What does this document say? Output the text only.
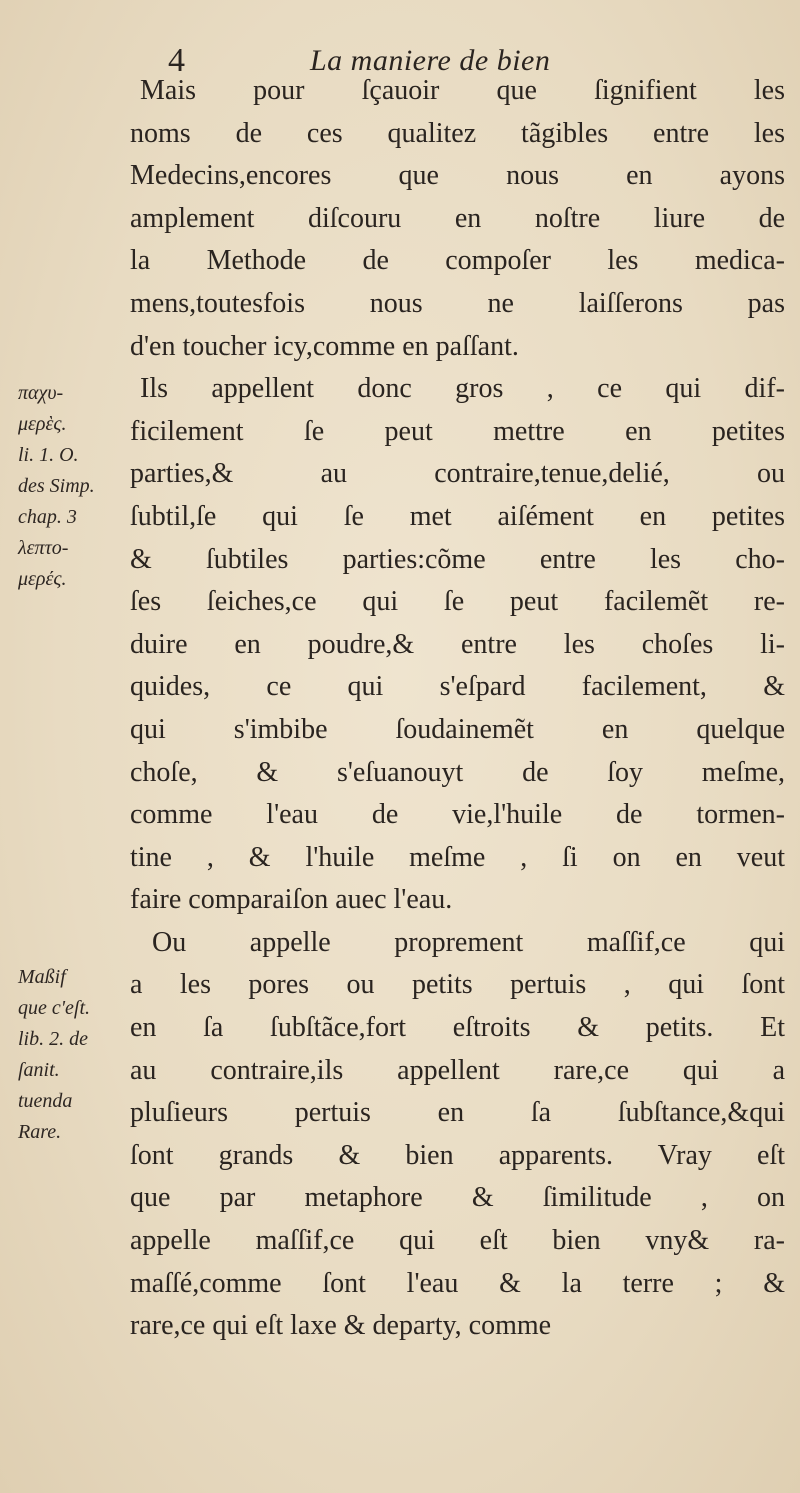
4	La maniere de bien
Mais pour ſçauoir que ſignifient les
noms de ces qualitez tãgibles entre les
Medecins,encores que nous en ayons
amplement diſcouru en noſtre liure de
la Methode de compoſer les medica-
mens,toutesfois nous ne laiſſerons pas
d'en toucher icy,comme en paſſant.
Ils appellent donc gros , ce qui dif-
ficilement ſe peut mettre en petites
parties,& au contraire,tenue,delié, ou
ſubtil,ſe qui ſe met aiſément en petites
& ſubtiles parties:cõme entre les cho-
ſes ſeiches,ce qui ſe peut facilemẽt re-
duire en poudre,& entre les choſes li-
quides, ce qui s'eſpard facilement, &
qui s'imbibe ſoudainemẽt en quelque
choſe, & s'eſuanouyt de ſoy meſme,
comme l'eau de vie,l'huile de tormen-
tine , & l'huile meſme , ſi on en veut
faire comparaiſon auec l'eau.
Ou appelle proprement maſſif,ce qui
a les pores ou petits pertuis , qui ſont
en ſa ſubſtãce,fort eſtroits & petits. Et
au contraire,ils appellent rare,ce qui a
pluſieurs pertuis en ſa ſubſtance,&qui
ſont grands & bien apparents. Vray eſt
que par metaphore & ſimilitude , on
appelle maſſif,ce qui eſt bien vny& ra-
maſſé,comme ſont l'eau & la terre ; &
rare,ce qui eſt laxe & departy, comme
παχυ-
μερὲς.
li. 1. O.
des Simp.
chap. 3
λεπτο-
μερές.
Maßif
que c'eſt.
lib. 2. de
ſanit.
tuenda
Rare.
